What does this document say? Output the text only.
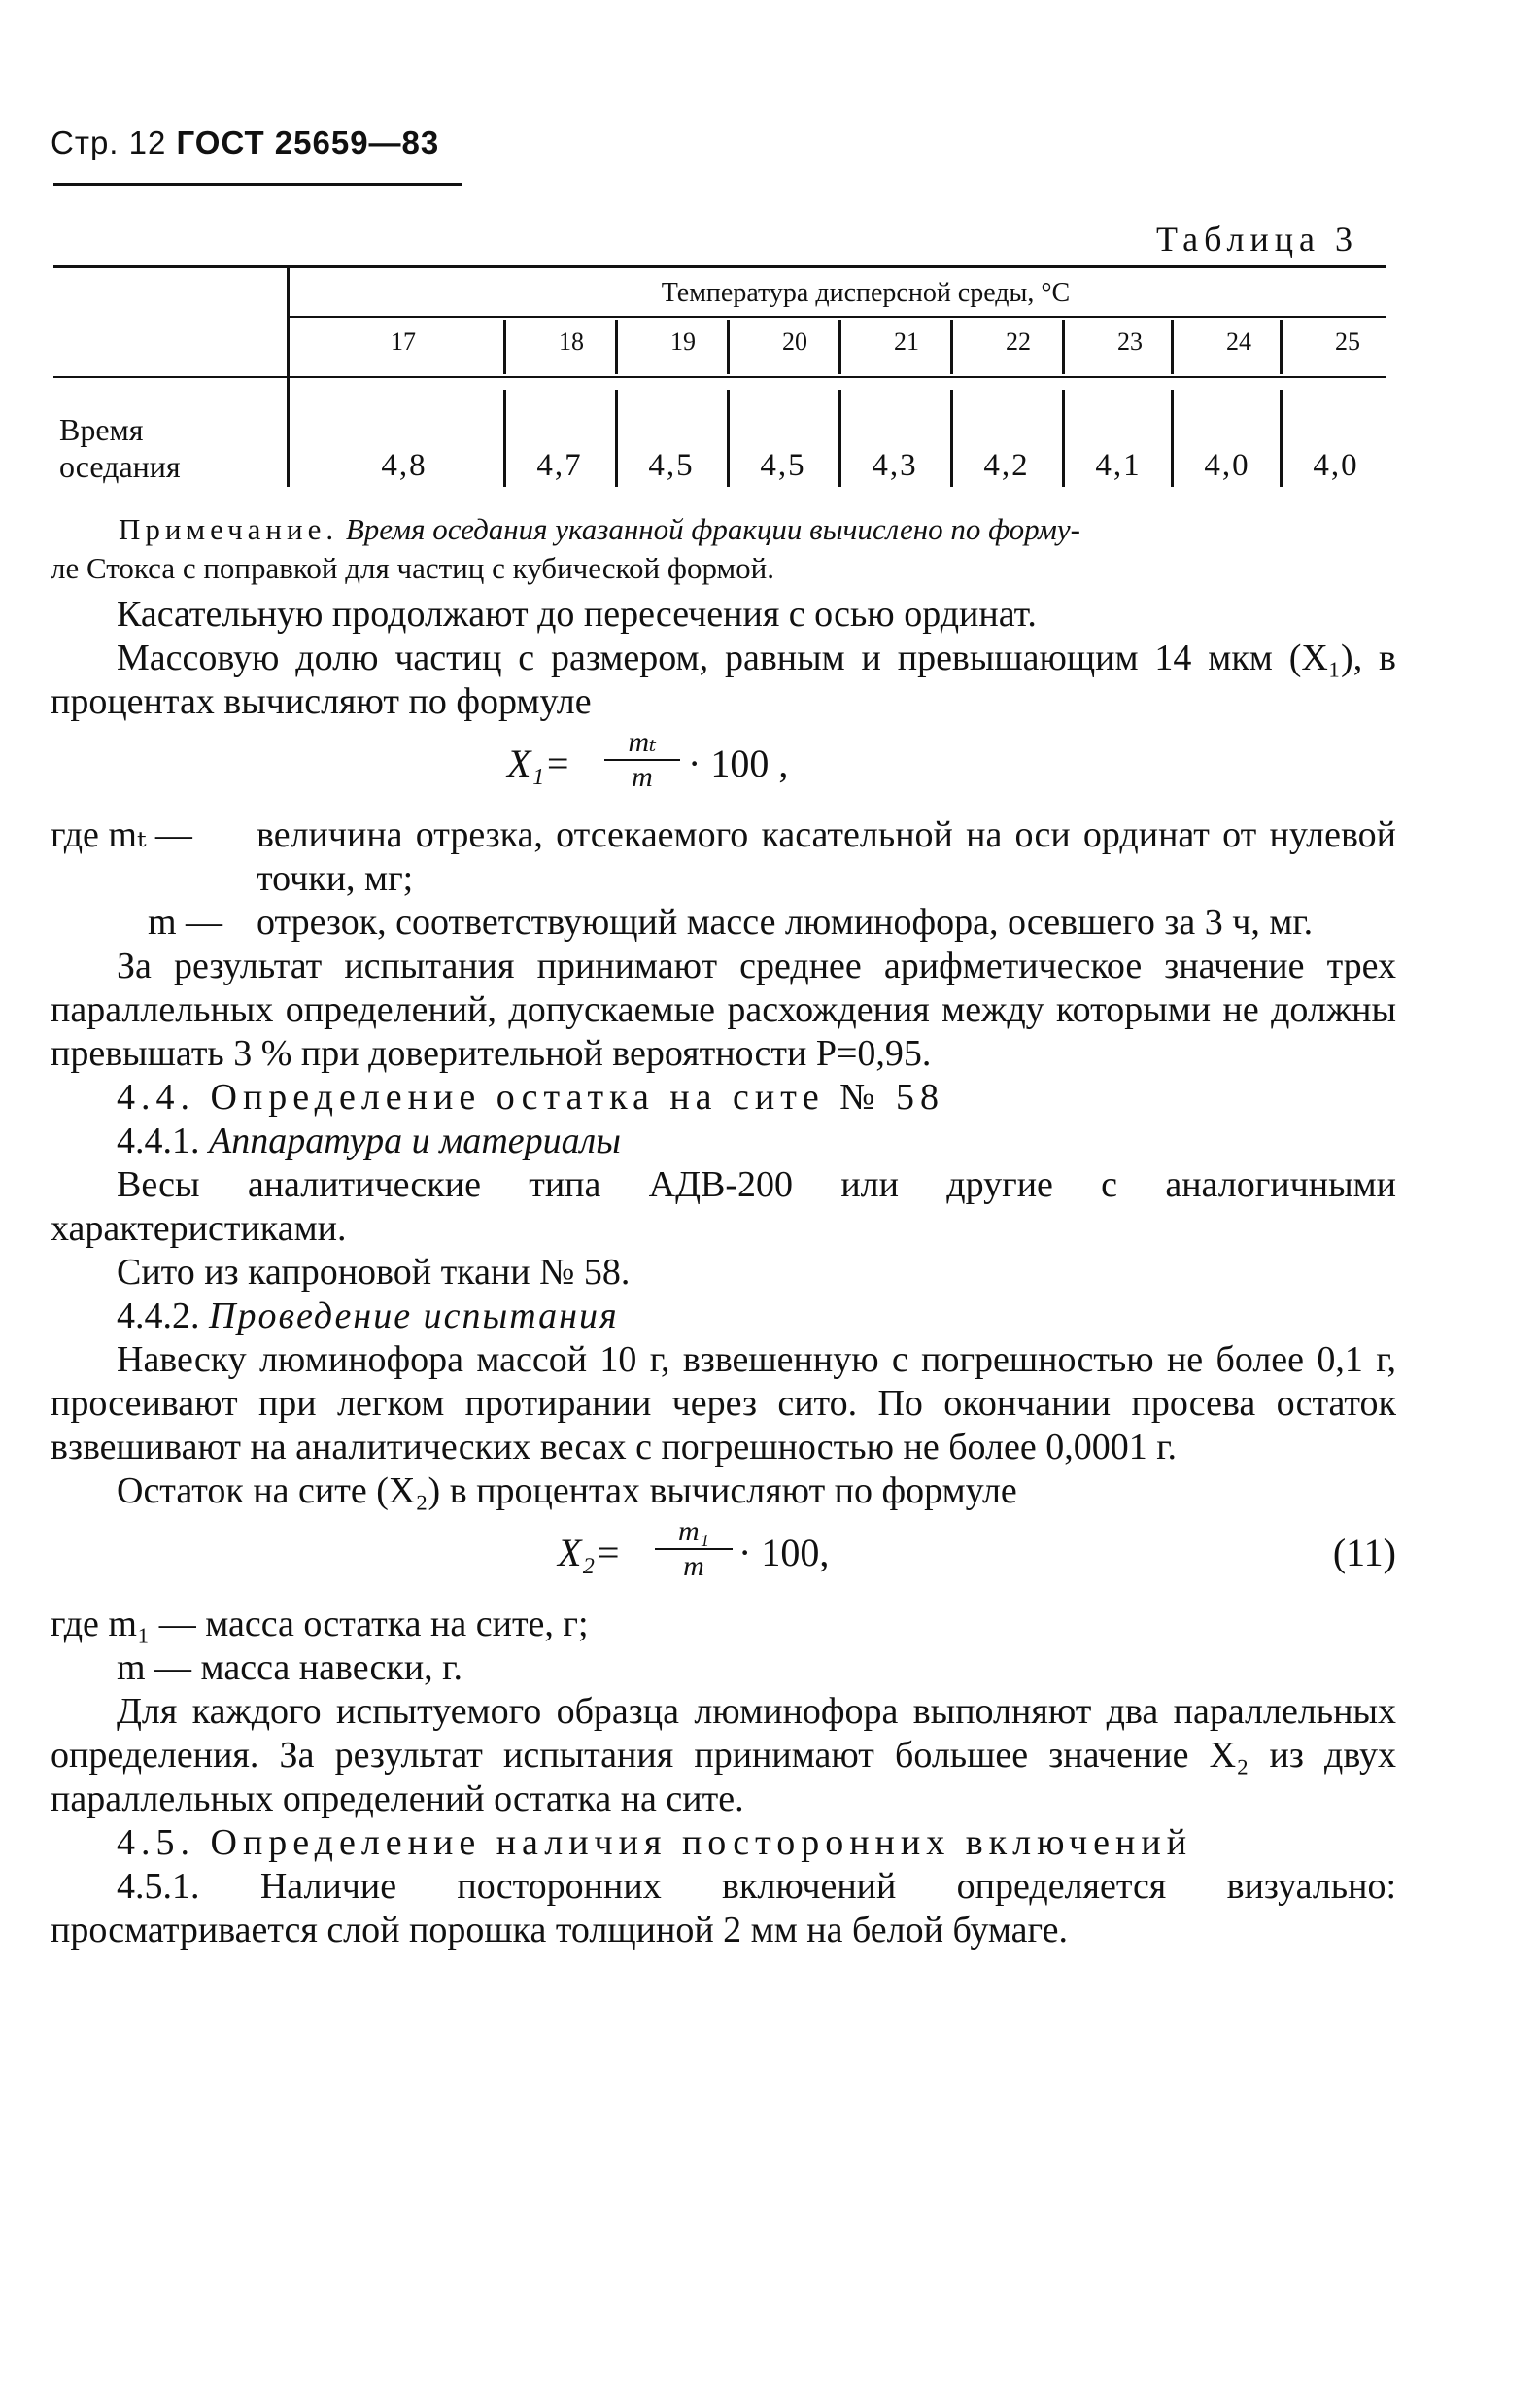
Стр. 12 ГОСТ 25659—83
Таблица 3
Температура дисперсной среды, °С
17	18	19	20	21	22	23	24	25
Время
оседания	4,8	4,7	4,5	4,5	4,3	4,2	4,1	4,0	4,0
Примечание. Время оседания указанной фракции вычислено по форму-
ле Стокса с поправкой для частиц с кубической формой.

Касательную продолжают до пересечения с осью ординат.

Массовую долю частиц с размером, равным и превышающим 14 мкм (X₁), в процентах вычисляют по формуле

X₁=	mₜ
m · 100 ,
где mₜ — величина отрезка, отсекаемого касательной на оси ординат от нулевой точки, мг;

m — отрезок, соответствующий массе люминофора, осевшего за 3 ч, мг.

За результат испытания принимают среднее арифметическое значение трех параллельных определений, допускаемые расхождения между которыми не должны превышать 3 % при доверительной вероятности P=0,95.

4.4. Определение остатка на сите № 58

4.4.1. Аппаратура и материалы

Весы аналитические типа АДВ-200 или другие с аналогичными характеристиками.

Сито из капроновой ткани № 58.

4.4.2. Проведение испытания

Навеску люминофора массой 10 г, взвешенную с погрешностью не более 0,1 г, просеивают при легком протирании через сито. По окончании просева остаток взвешивают на аналитических весах с погрешностью не более 0,0001 г.

Остаток на сите (X₂) в процентах вычисляют по формуле

X₂=	m₁
m · 100,	(11)

где m₁ — масса остатка на сите, г;

m — масса навески, г.

Для каждого испытуемого образца люминофора выполняют два параллельных определения. За результат испытания принимают большее значение X₂ из двух параллельных определений остатка на сите.

4.5. Определение наличия посторонних включений

4.5.1. Наличие посторонних включений определяется визуально: просматривается слой порошка толщиной 2 мм на белой бумаге.
